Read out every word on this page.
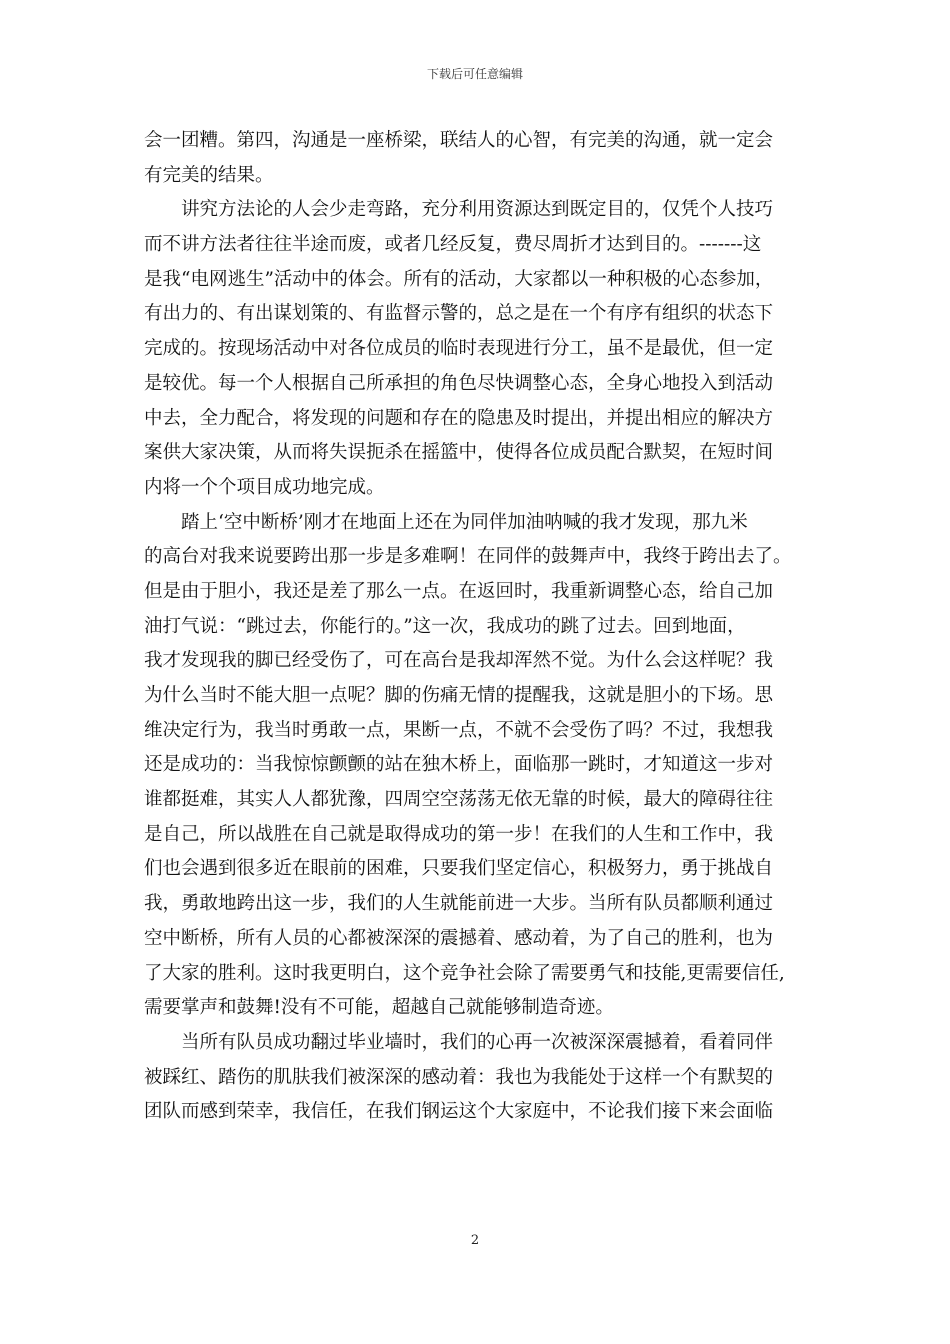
下载后可任意编辑
会一团糟。第四，沟通是一座桥梁，联结人的心智，有完美的沟通，就一定会
有完美的结果。
讲究方法论的人会少走弯路，充分利用资源达到既定目的，仅凭个人技巧
而不讲方法者往往半途而废，或者几经反复，费尽周折才达到目的。-------这
是我“电网逃生”活动中的体会。所有的活动，大家都以一种积极的心态参加，
有出力的、有出谋划策的、有监督示警的，总之是在一个有序有组织的状态下
完成的。按现场活动中对各位成员的临时表现进行分工，虽不是最优，但一定
是较优。每一个人根据自己所承担的角色尽快调整心态，全身心地投入到活动
中去，全力配合，将发现的问题和存在的隐患及时提出，并提出相应的解决方
案供大家决策，从而将失误扼杀在摇篮中，使得各位成员配合默契，在短时间
内将一个个项目成功地完成。
踏上‘空中断桥’刚才在地面上还在为同伴加油呐喊的我才发现，那九米
的高台对我来说要跨出那一步是多难啊！在同伴的鼓舞声中，我终于跨出去了。
但是由于胆小，我还是差了那么一点。在返回时，我重新调整心态，给自己加
油打气说：“跳过去，你能行的。”这一次，我成功的跳了过去。回到地面，
我才发现我的脚已经受伤了，可在高台是我却浑然不觉。为什么会这样呢？我
为什么当时不能大胆一点呢？脚的伤痛无情的提醒我，这就是胆小的下场。思
维决定行为，我当时勇敢一点，果断一点，不就不会受伤了吗？不过，我想我
还是成功的：当我惊惊颤颤的站在独木桥上，面临那一跳时，才知道这一步对
谁都挺难，其实人人都犹豫，四周空空荡荡无依无靠的时候，最大的障碍往往
是自己，所以战胜在自己就是取得成功的第一步！在我们的人生和工作中，我
们也会遇到很多近在眼前的困难，只要我们坚定信心，积极努力，勇于挑战自
我，勇敢地跨出这一步，我们的人生就能前进一大步。当所有队员都顺利通过
空中断桥，所有人员的心都被深深的震撼着、感动着，为了自己的胜利，也为
了大家的胜利。这时我更明白，这个竞争社会除了需要勇气和技能,更需要信任,
需要掌声和鼓舞!没有不可能，超越自己就能够制造奇迹。
当所有队员成功翻过毕业墙时，我们的心再一次被深深震撼着，看着同伴
被踩红、踏伤的肌肤我们被深深的感动着：我也为我能处于这样一个有默契的
团队而感到荣幸，我信任，在我们钢运这个大家庭中，不论我们接下来会面临
2
